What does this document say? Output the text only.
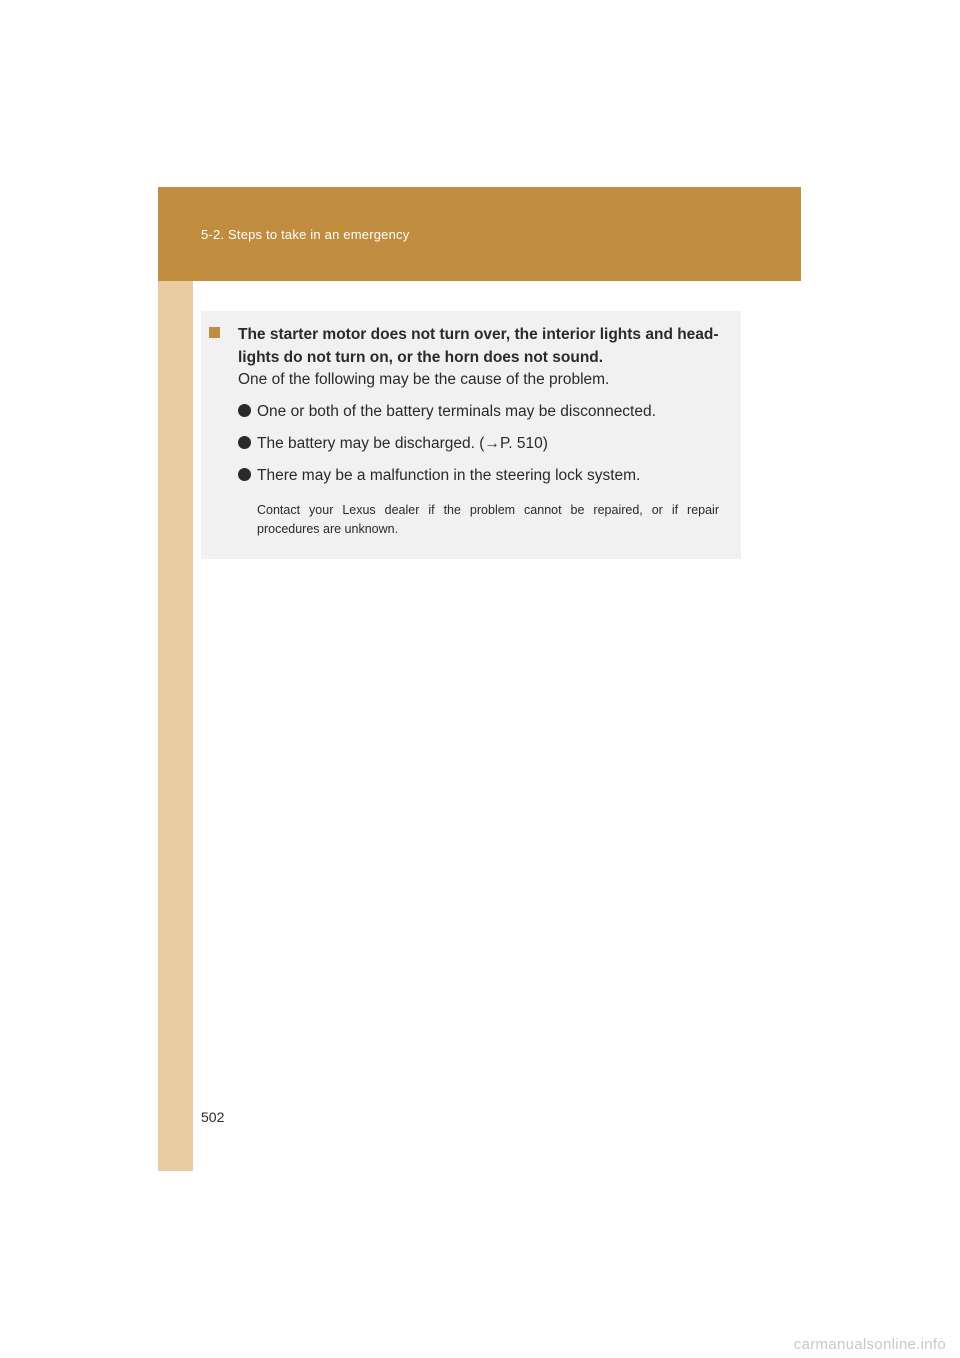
5-2. Steps to take in an emergency
The starter motor does not turn over, the interior lights and head-lights do not turn on, or the horn does not sound.
One of the following may be the cause of the problem.
One or both of the battery terminals may be disconnected.
The battery may be discharged. (→P. 510)
There may be a malfunction in the steering lock system.
Contact your Lexus dealer if the problem cannot be repaired, or if repair procedures are unknown.
502
carmanualsonline.info
